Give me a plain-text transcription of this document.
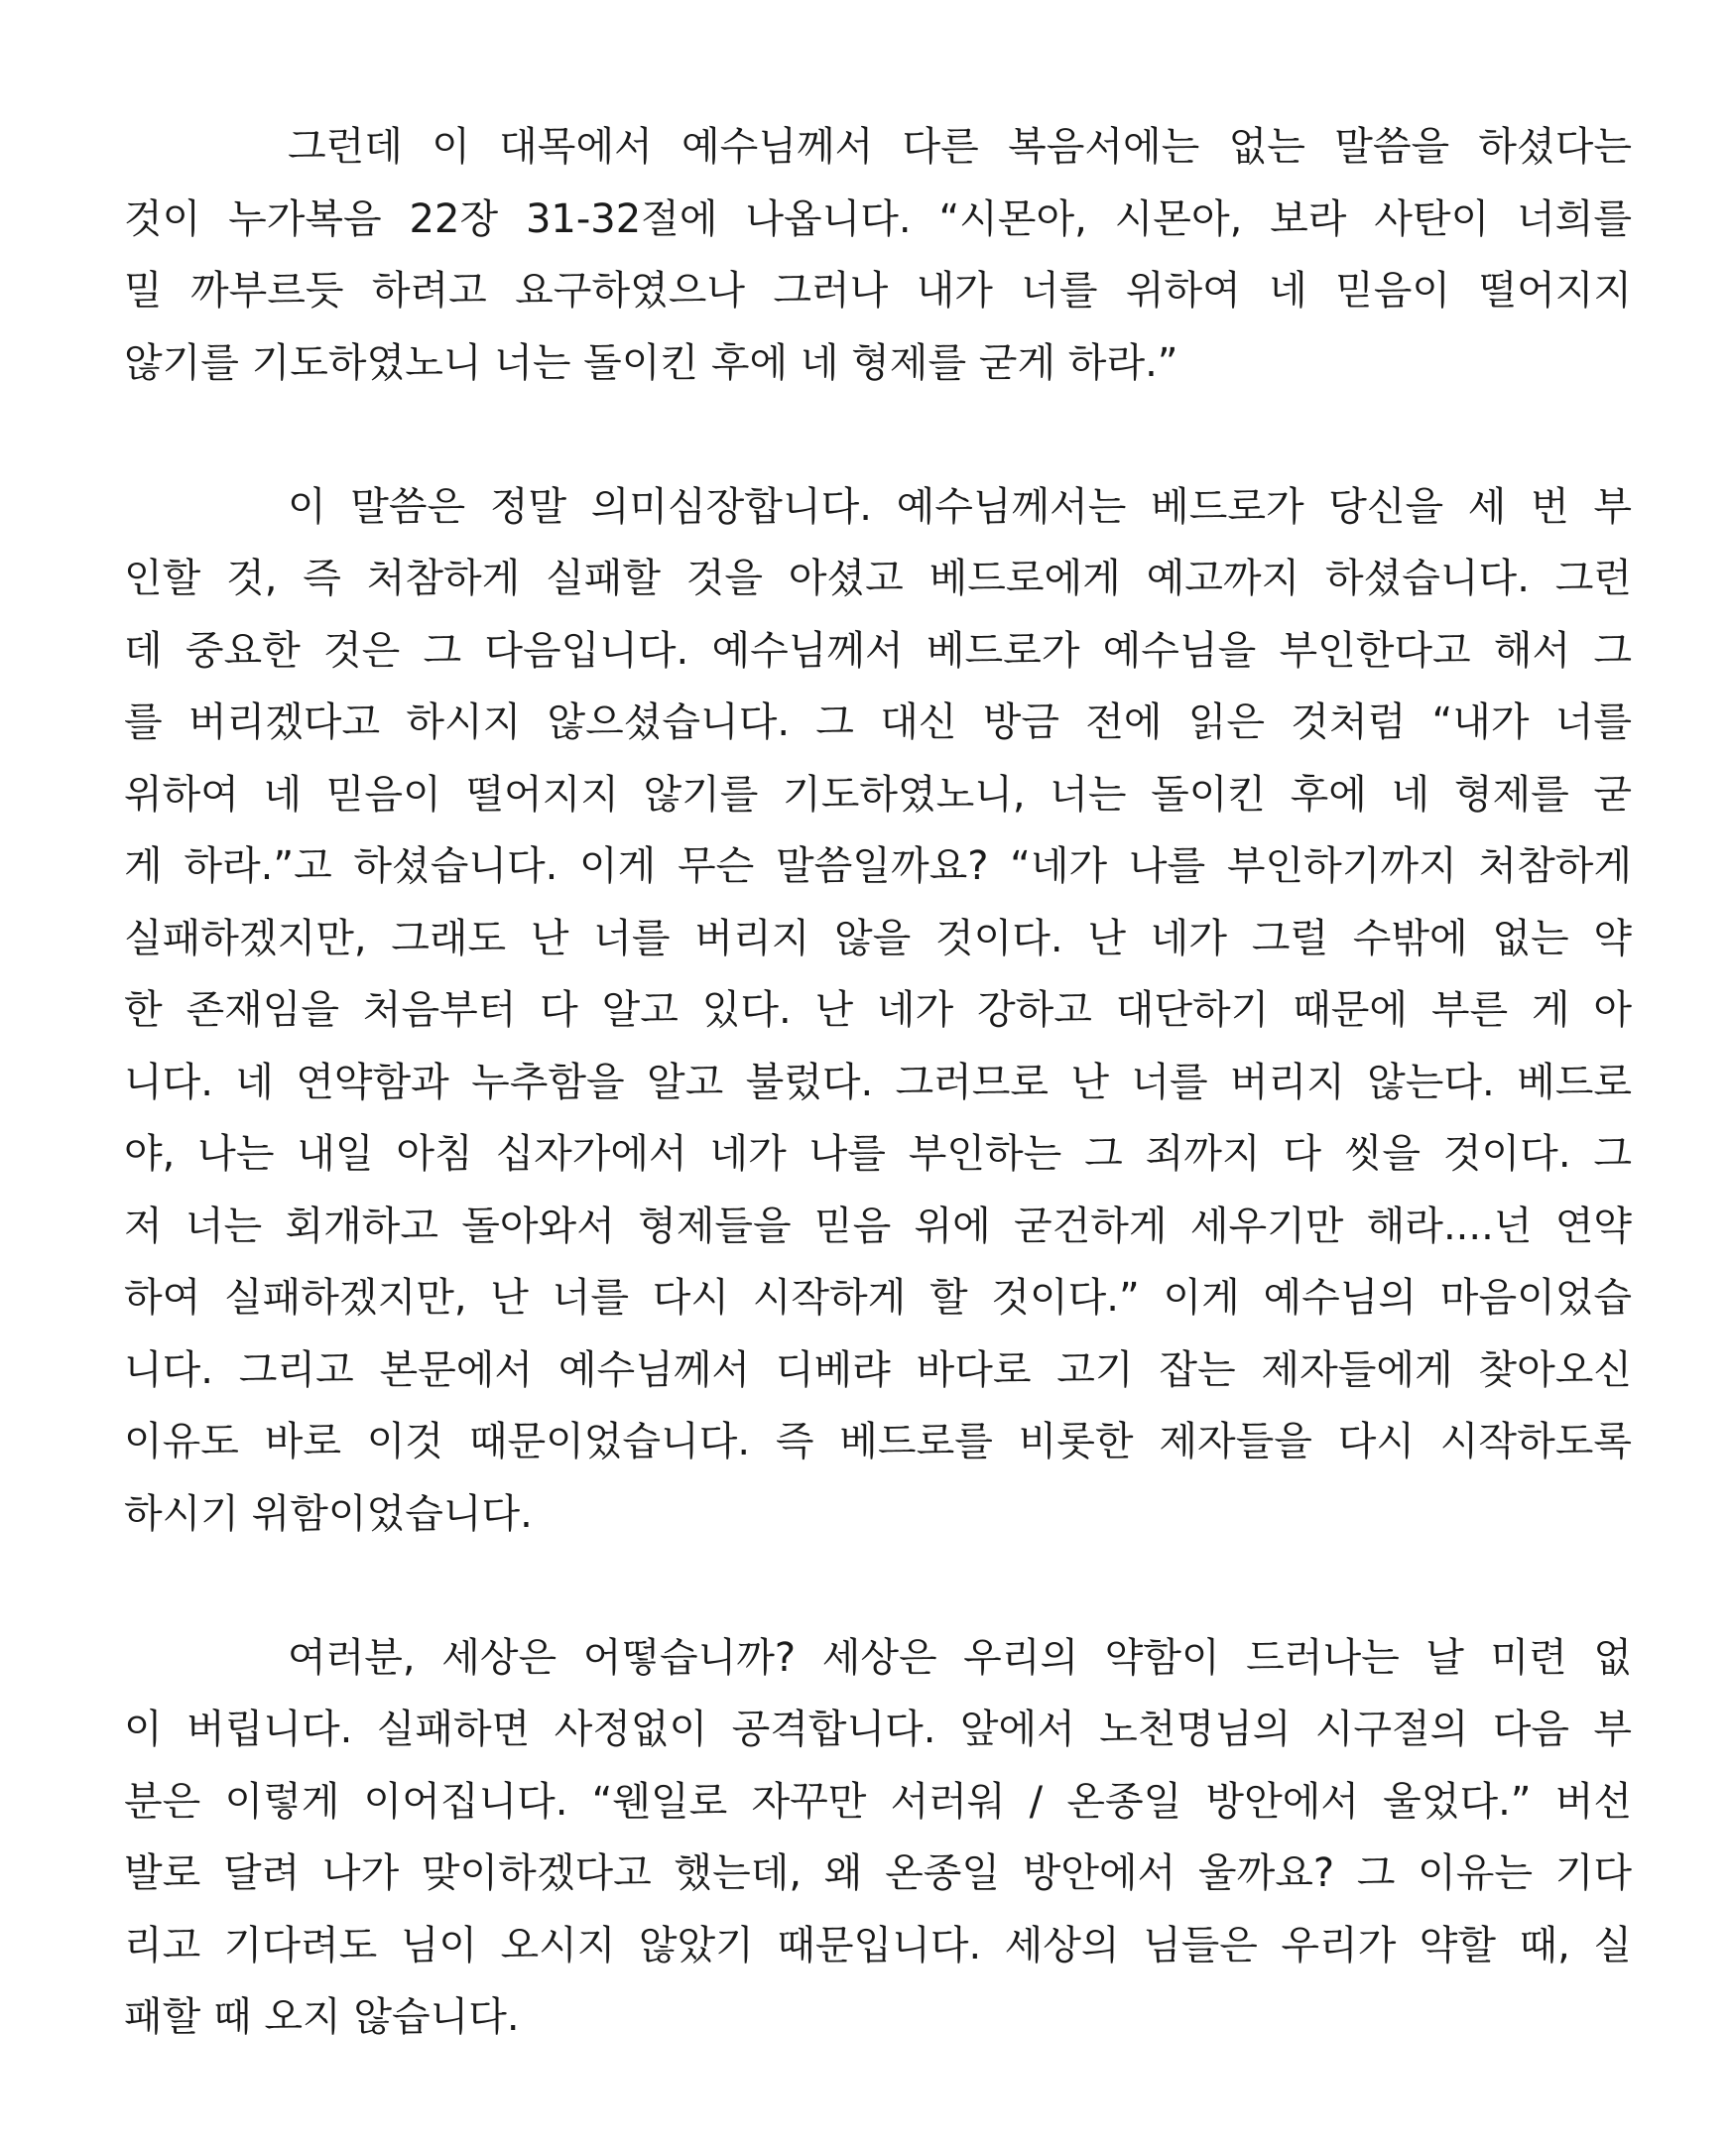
그런데 이 대목에서 예수님께서 다른 복음서에는 없는 말씀을 하셨다는
것이 누가복음 22장 31-32절에 나옵니다. “시몬아, 시몬아, 보라 사탄이 너희를
밀 까부르듯 하려고 요구하였으나 그러나 내가 너를 위하여 네 믿음이 떨어지지
않기를 기도하였노니 너는 돌이킨 후에 네 형제를 굳게 하라.”
이 말씀은 정말 의미심장합니다. 예수님께서는 베드로가 당신을 세 번 부
인할 것, 즉 처참하게 실패할 것을 아셨고 베드로에게 예고까지 하셨습니다. 그런
데 중요한 것은 그 다음입니다. 예수님께서 베드로가 예수님을 부인한다고 해서 그
를 버리겠다고 하시지 않으셨습니다. 그 대신 방금 전에 읽은 것처럼 “내가 너를
위하여 네 믿음이 떨어지지 않기를 기도하였노니, 너는 돌이킨 후에 네 형제를 굳
게 하라.”고 하셨습니다. 이게 무슨 말씀일까요? “네가 나를 부인하기까지 처참하게
실패하겠지만, 그래도 난 너를 버리지 않을 것이다. 난 네가 그럴 수밖에 없는 약
한 존재임을 처음부터 다 알고 있다. 난 네가 강하고 대단하기 때문에 부른 게 아
니다. 네 연약함과 누추함을 알고 불렀다. 그러므로 난 너를 버리지 않는다. 베드로
야, 나는 내일 아침 십자가에서 네가 나를 부인하는 그 죄까지 다 씻을 것이다. 그
저 너는 회개하고 돌아와서 형제들을 믿음 위에 굳건하게 세우기만 해라....넌 연약
하여 실패하겠지만, 난 너를 다시 시작하게 할 것이다.” 이게 예수님의 마음이었습
니다. 그리고 본문에서 예수님께서 디베랴 바다로 고기 잡는 제자들에게 찾아오신
이유도 바로 이것 때문이었습니다. 즉 베드로를 비롯한 제자들을 다시 시작하도록
하시기 위함이었습니다.
여러분, 세상은 어떻습니까? 세상은 우리의 약함이 드러나는 날 미련 없
이 버립니다. 실패하면 사정없이 공격합니다. 앞에서 노천명님의 시구절의 다음 부
분은 이렇게 이어집니다. “웬일로 자꾸만 서러워 / 온종일 방안에서 울었다.” 버선
발로 달려 나가 맞이하겠다고 했는데, 왜 온종일 방안에서 울까요? 그 이유는 기다
리고 기다려도 님이 오시지 않았기 때문입니다. 세상의 님들은 우리가 약할 때, 실
패할 때 오지 않습니다.
